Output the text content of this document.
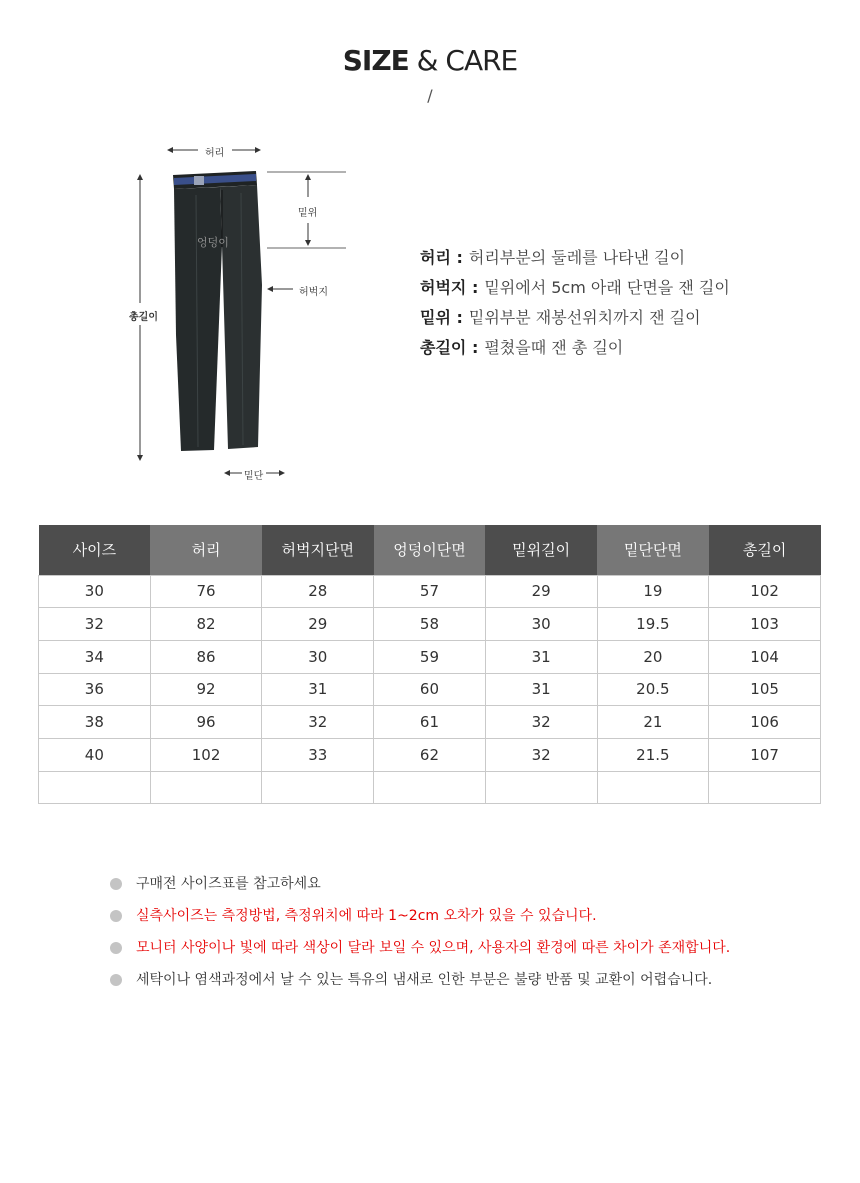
SIZE & CARE
/
허리
밑위
엉덩이
허벅지
총길이
밑단
허리 : 허리부분의 둘레를 나타낸 길이
허벅지 : 밑위에서 5cm 아래 단면을 잰 길이
밑위 : 밑위부분 재봉선위치까지 잰 길이
총길이 : 펼쳤을때 잰 총 길이
사이즈	허리	허벅지단면	엉덩이단면	밑위길이	밑단단면	총길이
30	76	28	57	29	19	102
32	82	29	58	30	19.5	103
34	86	30	59	31	20	104
36	92	31	60	31	20.5	105
38	96	32	61	32	21	106
40	102	33	62	32	21.5	107

구매전 사이즈표를 참고하세요
실측사이즈는 측정방법, 측정위치에 따라 1~2cm 오차가 있을 수 있습니다.
모니터 사양이나 빛에 따라 색상이 달라 보일 수 있으며, 사용자의 환경에 따른 차이가 존재합니다.
세탁이나 염색과정에서 날 수 있는 특유의 냄새로 인한 부분은 불량 반품 및 교환이 어렵습니다.
